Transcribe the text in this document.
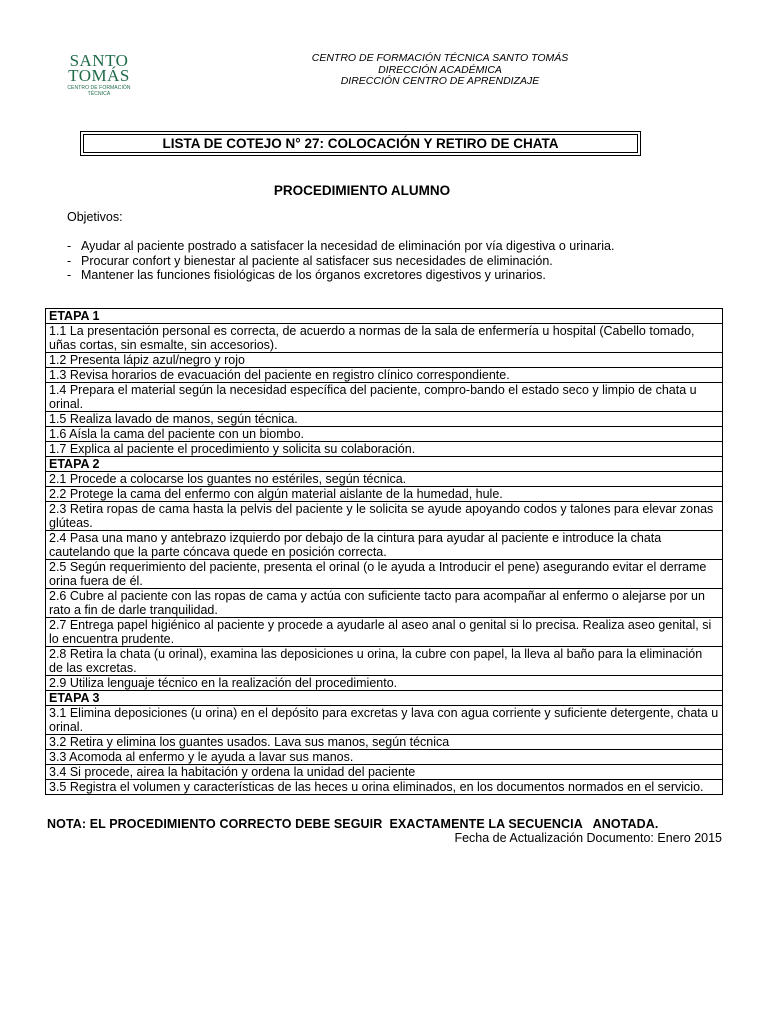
SANTO
TOMÁS
CENTRO DE FORMACIÓN TÉCNICA
CENTRO DE FORMACIÓN TÉCNICA SANTO TOMÁS
DIRECCIÓN ACADÉMICA
DIRECCIÓN CENTRO DE APRENDIZAJE
LISTA DE COTEJO N° 27: COLOCACIÓN Y RETIRO DE CHATA
PROCEDIMIENTO ALUMNO
Objetivos:
- Ayudar al paciente postrado a satisfacer la necesidad de eliminación por vía digestiva o urinaria.
- Procurar confort y bienestar al paciente al satisfacer sus necesidades de eliminación.
- Mantener las funciones fisiológicas de los órganos excretores digestivos y urinarios.
ETAPA 1
1.1 La presentación personal es correcta, de acuerdo a normas de la sala de enfermería u hospital (Cabello tomado, uñas cortas, sin esmalte, sin accesorios).
1.2 Presenta lápiz azul/negro y rojo
1.3 Revisa horarios de evacuación del paciente en registro clínico correspondiente.
1.4 Prepara el material según la necesidad específica del paciente, compro-bando el estado seco y limpio de chata u orinal.
1.5 Realiza lavado de manos, según técnica.
1.6 Aísla la cama del paciente con un biombo.
1.7 Explica al paciente el procedimiento y solicita su colaboración.
ETAPA 2
2.1 Procede a colocarse los guantes no estériles, según técnica.
2.2 Protege la cama del enfermo con algún material aislante de la humedad, hule.
2.3 Retira ropas de cama hasta la pelvis del paciente y le solicita se ayude apoyando codos y talones para elevar zonas glúteas.
2.4 Pasa una mano y antebrazo izquierdo por debajo de la cintura para ayudar al paciente e introduce la chata cautelando que la parte cóncava quede en posición correcta.
2.5 Según requerimiento del paciente, presenta el orinal (o le ayuda a Introducir el pene) asegurando evitar el derrame orina fuera de él.
2.6 Cubre al paciente con las ropas de cama y actúa con suficiente tacto para acompañar al enfermo o alejarse por un rato a fin de darle tranquilidad.
2.7 Entrega papel higiénico al paciente y procede a ayudarle al aseo anal o genital si lo precisa. Realiza aseo genital, si lo encuentra prudente.
2.8 Retira la chata (u orinal), examina las deposiciones u orina, la cubre con papel, la lleva al baño para la eliminación de las excretas.
2.9 Utiliza lenguaje técnico en la realización del procedimiento.
ETAPA 3
3.1 Elimina deposiciones (u orina) en el depósito para excretas y lava con agua corriente y suficiente detergente, chata u orinal.
3.2 Retira y elimina los guantes usados. Lava sus manos, según técnica
3.3 Acomoda al enfermo y le ayuda a lavar sus manos.
3.4 Si procede, airea la habitación y ordena la unidad del paciente
3.5 Registra el volumen y características de las heces u orina eliminados, en los documentos normados en el servicio.
NOTA: EL PROCEDIMIENTO CORRECTO DEBE SEGUIR  EXACTAMENTE LA SECUENCIA   ANOTADA.
Fecha de Actualización Documento: Enero 2015
